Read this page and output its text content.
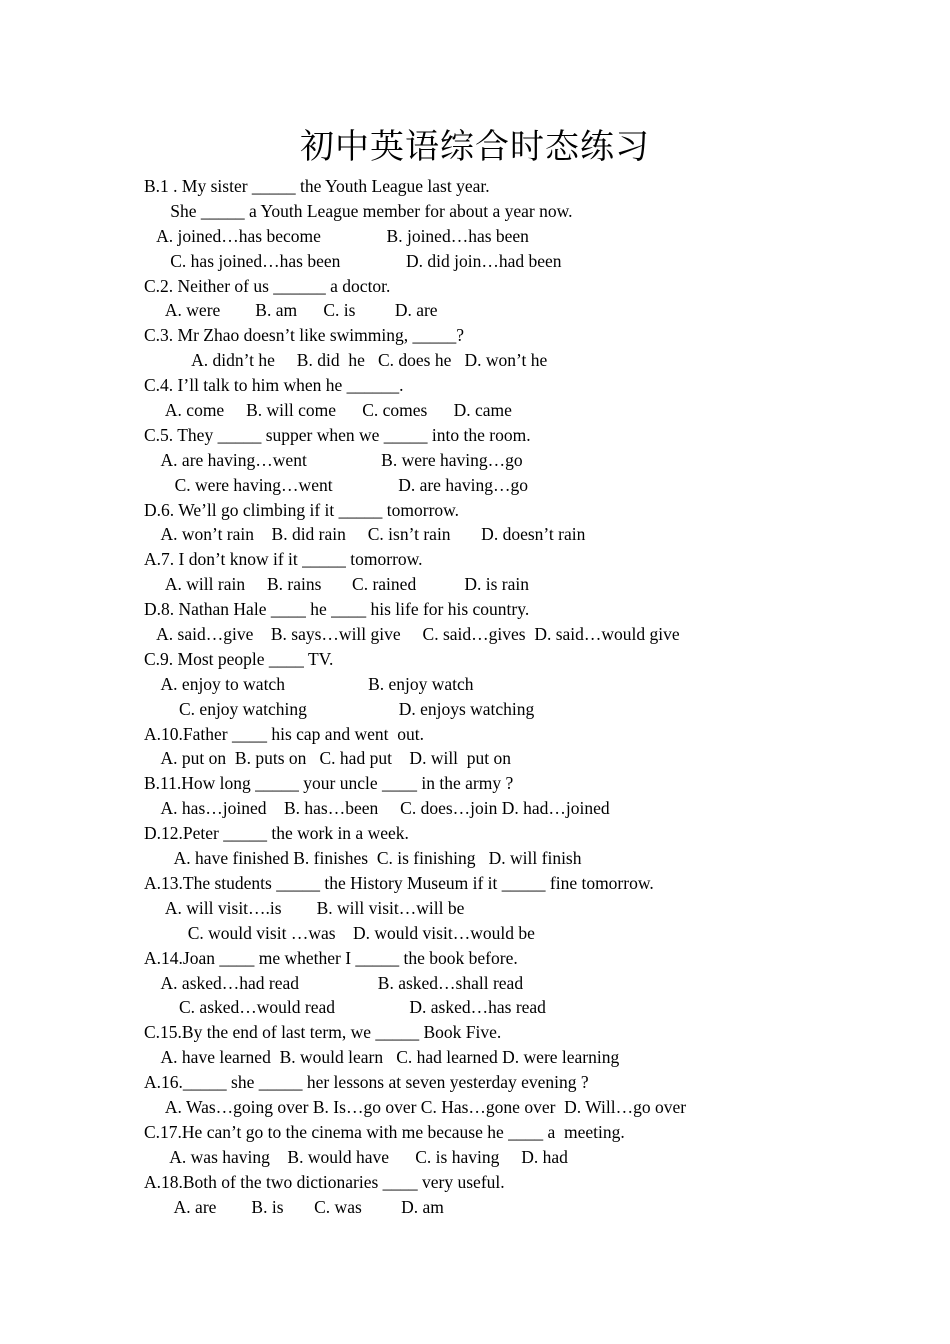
初中英语综合时态练习
B.1 . My sister _____ the Youth League last year.
She _____ a Youth League member for about a year now.
A. joined…has become               B. joined…has been
C. has joined…has been               D. did join…had been
C.2. Neither of us ______ a doctor.
A. were        B. am      C. is         D. are
C.3. Mr Zhao doesn’t like swimming, _____?
A. didn’t he     B. did  he   C. does he   D. won’t he
C.4. I’ll talk to him when he ______.
A. come     B. will come      C. comes      D. came
C.5. They _____ supper when we _____ into the room.
A. are having…went                 B. were having…go
C. were having…went               D. are having…go
D.6. We’ll go climbing if it _____ tomorrow.
A. won’t rain    B. did rain     C. isn’t rain       D. doesn’t rain
A.7. I don’t know if it _____ tomorrow.
A. will rain     B. rains       C. rained           D. is rain
D.8. Nathan Hale ____ he ____ his life for his country.
A. said…give    B. says…will give     C. said…gives  D. said…would give
C.9. Most people ____ TV.
A. enjoy to watch                   B. enjoy watch
C. enjoy watching                     D. enjoys watching
A.10.Father ____ his cap and went  out.
A. put on  B. puts on   C. had put    D. will  put on
B.11.How long _____ your uncle ____ in the army ?
A. has…joined    B. has…been     C. does…join D. had…joined
D.12.Peter _____ the work in a week.
A. have finished B. finishes  C. is finishing   D. will finish
A.13.The students _____ the History Museum if it _____ fine tomorrow.
A. will visit….is        B. will visit…will be
C. would visit …was    D. would visit…would be
A.14.Joan ____ me whether I _____ the book before.
A. asked…had read                  B. asked…shall read
C. asked…would read                 D. asked…has read
C.15.By the end of last term, we _____ Book Five.
A. have learned  B. would learn   C. had learned D. were learning
A.16._____ she _____ her lessons at seven yesterday evening ?
A. Was…going over B. Is…go over C. Has…gone over  D. Will…go over
C.17.He can’t go to the cinema with me because he ____ a  meeting.
A. was having    B. would have      C. is having     D. had
A.18.Both of the two dictionaries ____ very useful.
A. are        B. is       C. was         D. am
